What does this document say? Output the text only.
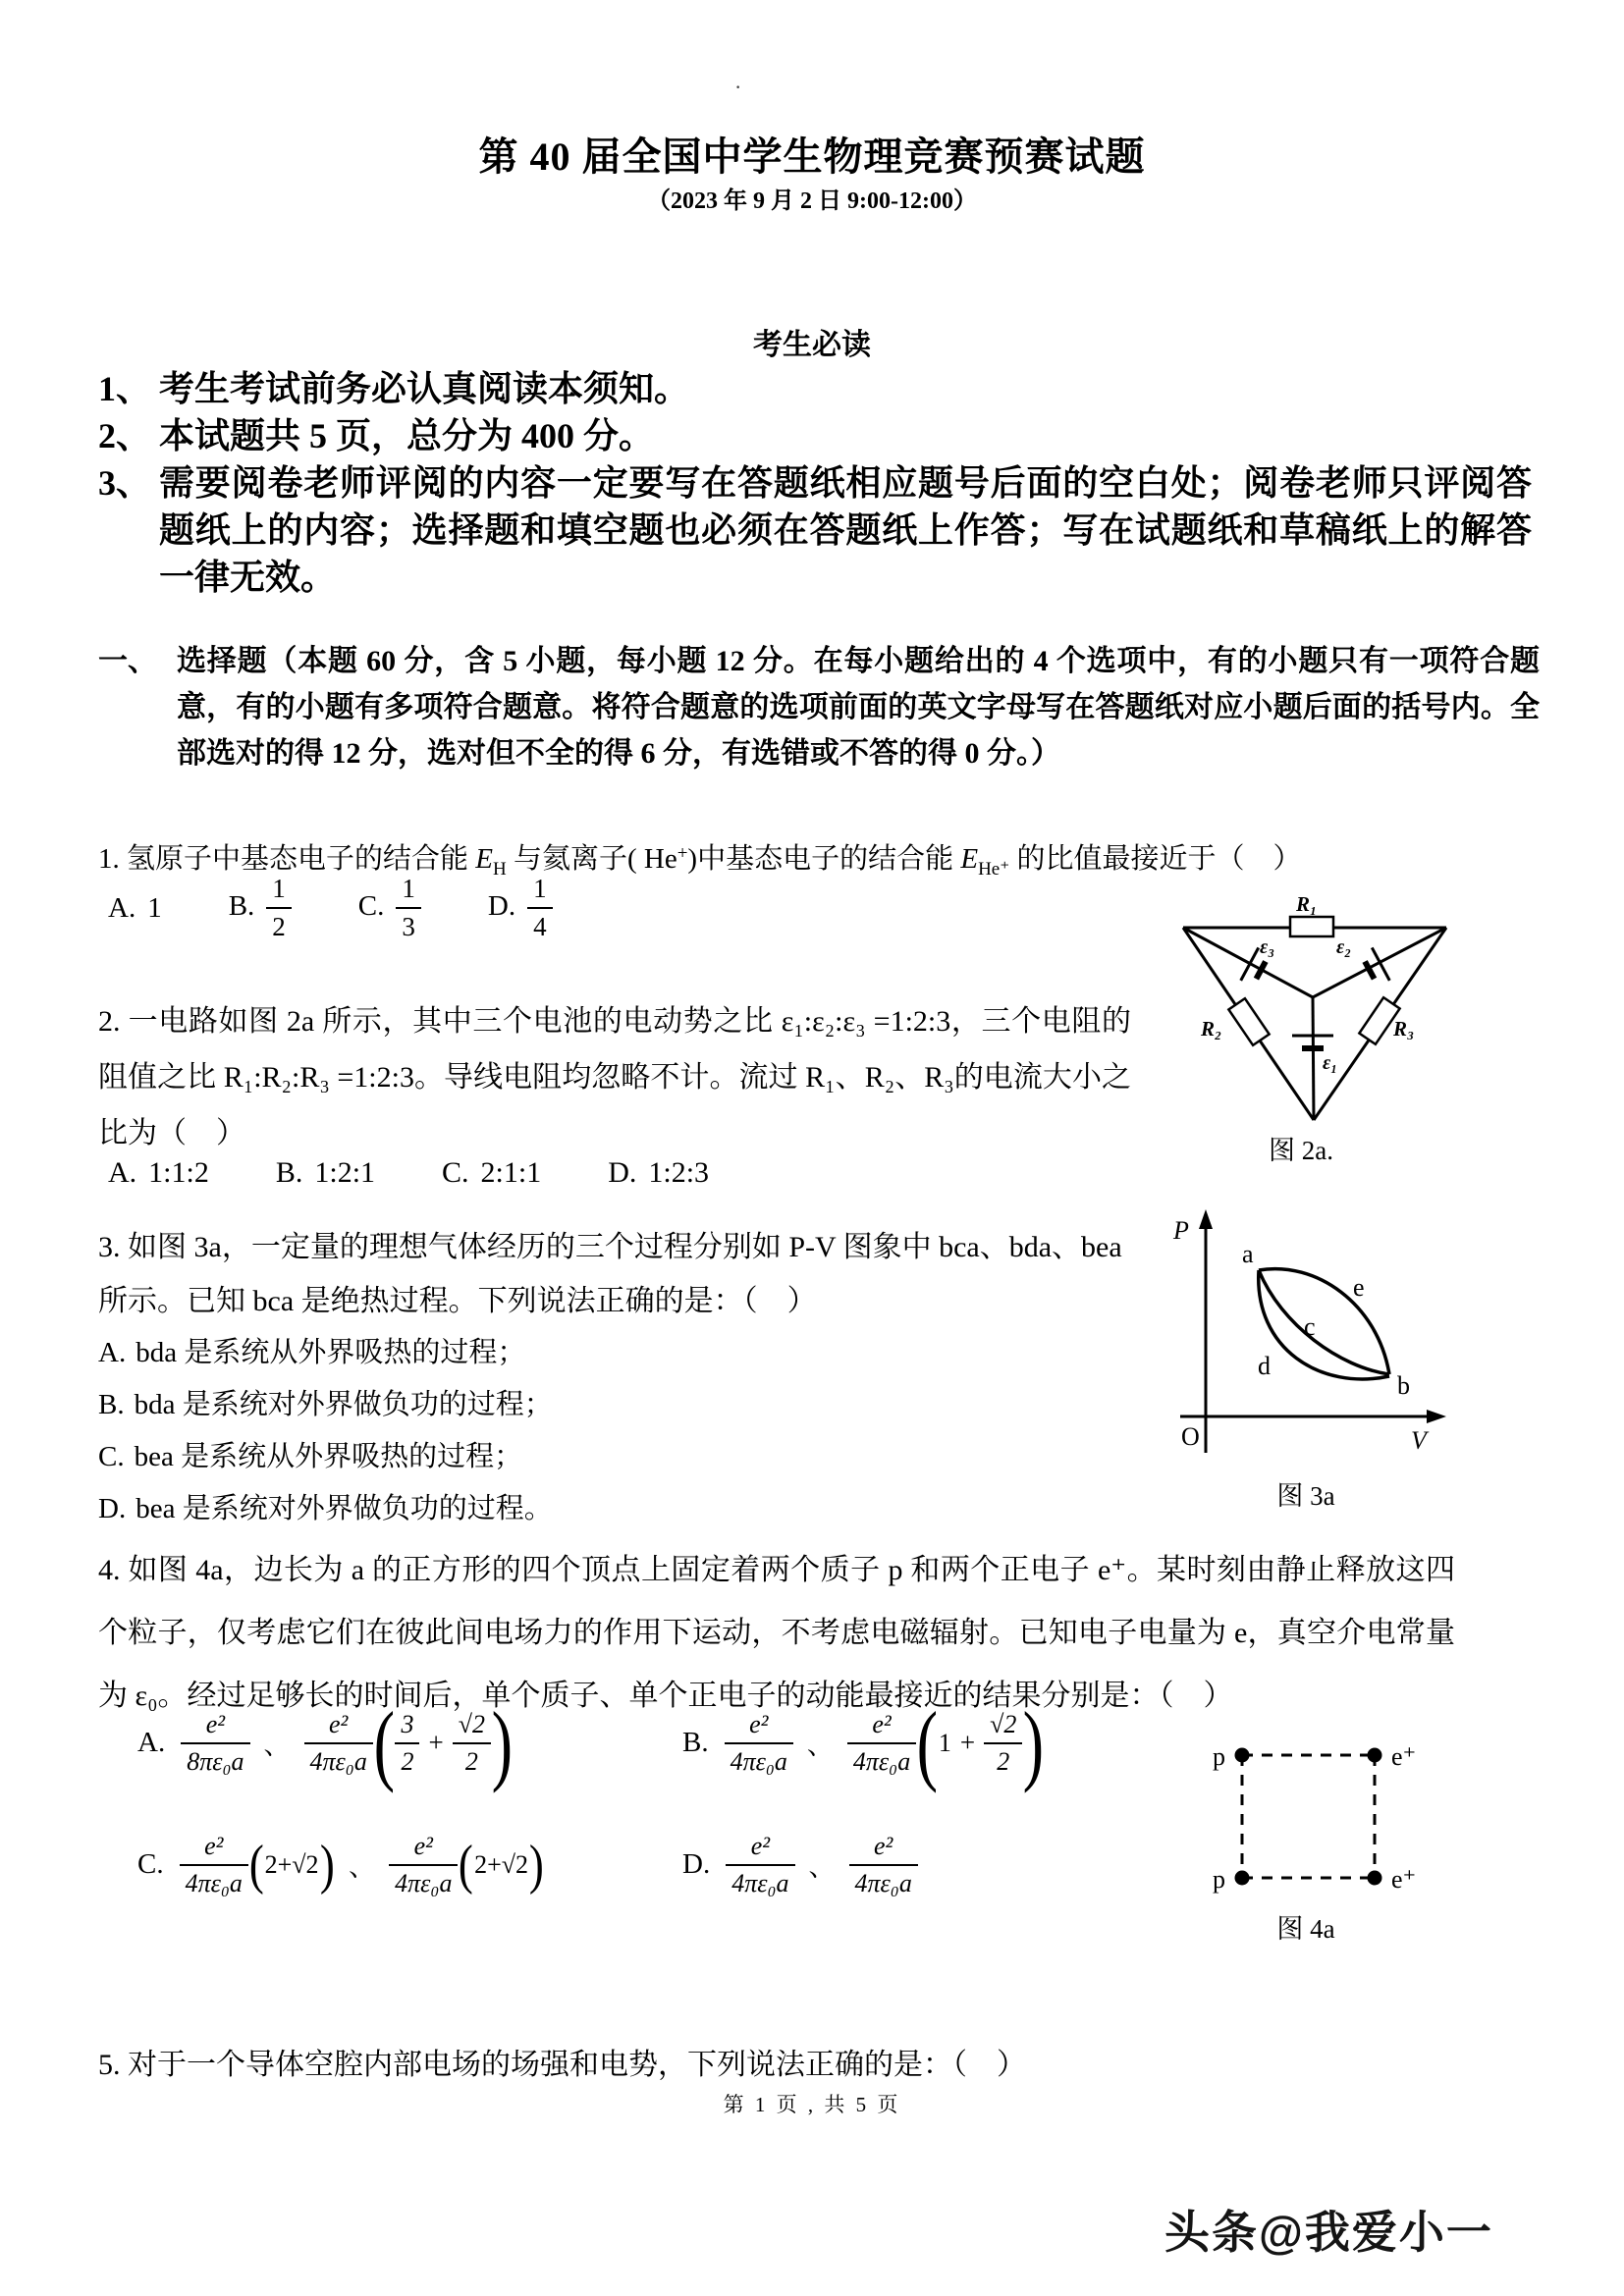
·
第 40 届全国中学生物理竞赛预赛试题
（2023 年 9 月 2 日 9:00-12:00）
考生必读
1、 考生考试前务必认真阅读本须知。
2、 本试题共 5 页，总分为 400 分。
3、 需要阅卷老师评阅的内容一定要写在答题纸相应题号后面的空白处；阅卷老师只评阅答题纸上的内容；选择题和填空题也必须在答题纸上作答；写在试题纸和草稿纸上的解答一律无效。
一、 选择题（本题 60 分，含 5 小题，每小题 12 分。在每小题给出的 4 个选项中，有的小题只有一项符合题意，有的小题有多项符合题意。将符合题意的选项前面的英文字母写在答题纸对应小题后面的括号内。全部选对的得 12 分，选对但不全的得 6 分，有选错或不答的得 0 分。）
1. 氢原子中基态电子的结合能 $E_H$ 与氦离子( He+)中基态电子的结合能 $E_{He^+}$ 的比值最接近于（　）
A. 1 B. $\frac{1}{2} C$. $\frac{1}{3} D$. $\frac{1}{4}$
2. 一电路如图 2a 所示，其中三个电池的电动势之比 ε₁:ε₂:ε₃ =1:2:3，三个电阻的阻值之比 R₁:R₂:R₃ =1:2:3。导线电阻均忽略不计。流过 R₁、R₂、R₃的电流大小之比为（　）
A. 1:1:2 B. 1:2:1 C. 2:1:1 D. 1:2:3
R₁
R₂	R₃
ε₃	ε₂
ε₁
图 2a.
3. 如图 3a，一定量的理想气体经历的三个过程分别如 P-V 图象中 bca、bda、bea 所示。已知 bca 是绝热过程。下列说法正确的是：（　）
A. bda 是系统从外界吸热的过程；
B. bda 是系统对外界做负功的过程；
C. bea 是系统从外界吸热的过程；
D. bea 是系统对外界做负功的过程。
P
V
O
a
b
c
d
e
图 3a
4. 如图 4a，边长为 a 的正方形的四个顶点上固定着两个质子 p 和两个正电子 e⁺。某时刻由静止释放这四个粒子，仅考虑它们在彼此间电场力的作用下运动，不考虑电磁辐射。已知电子电量为 e，真空介电常量为 ε₀。经过足够长的时间后，单个质子、单个正电子的动能最接近的结果分别是：（　）
A. $\frac{\text{e²}}{\text{8πε₀a}}$ 、 $\frac{\text{e²}}{\text{4πε₀a}}$ ( $\frac{3}{2} + \frac{√2}{2}$ )	B. $\frac{\text{e²}}{\text{4πε₀a}}$ 、 $\frac{\text{e²}}{\text{4πε₀a}}$ ( $1 + \frac{√2}{2}$ )
C. $\frac{\text{e²}}{\text{4πε₀a}}$ ( 2+√2 ) 、 $\frac{\text{e²}}{\text{4πε₀a}}$ ( 2+√2 )	D. $\frac{\text{e²}}{\text{4πε₀a}}$ 、 $\frac{\text{e²}}{\text{4πε₀a}}$
p
p
e⁺
e⁺
图 4a
5. 对于一个导体空腔内部电场的场强和电势，下列说法正确的是：（　）
第 1 页 , 共 5 页
头条@我爱小一
